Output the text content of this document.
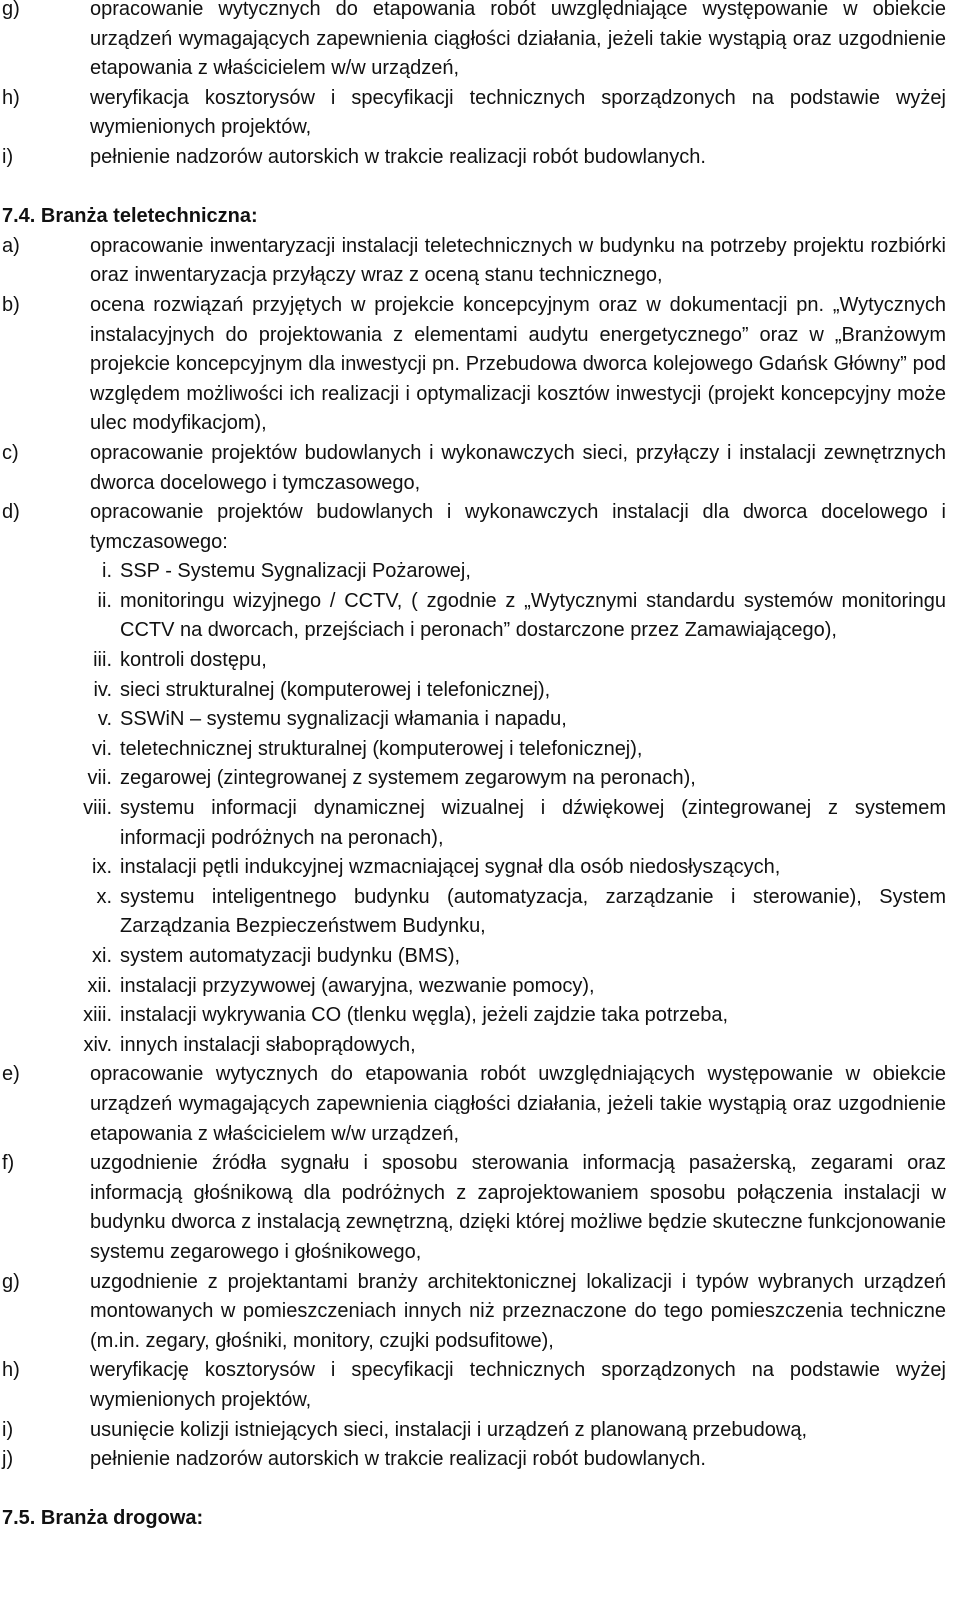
g)	opracowanie wytycznych do etapowania robót uwzględniające występowanie w obiekcie urządzeń wymagających zapewnienia ciągłości działania, jeżeli takie wystąpią oraz uzgodnienie etapowania z właścicielem w/w urządzeń,
h)	weryfikacja kosztorysów i specyfikacji technicznych sporządzonych na podstawie wyżej wymienionych projektów,
i)	pełnienie nadzorów autorskich w trakcie realizacji robót budowlanych.
7.4. Branża teletechniczna:
a)	opracowanie inwentaryzacji instalacji teletechnicznych w budynku na potrzeby projektu rozbiórki oraz inwentaryzacja przyłączy wraz z oceną stanu technicznego,
b)	ocena rozwiązań przyjętych w projekcie koncepcyjnym oraz w dokumentacji pn. „Wytycznych instalacyjnych do projektowania z elementami audytu energetycznego” oraz w „Branżowym projekcie koncepcyjnym dla inwestycji pn. Przebudowa dworca kolejowego Gdańsk Główny” pod względem możliwości ich realizacji i optymalizacji kosztów inwestycji (projekt koncepcyjny może ulec modyfikacjom),
c)	opracowanie projektów budowlanych i wykonawczych sieci, przyłączy i instalacji zewnętrznych dworca docelowego i tymczasowego,
d)	opracowanie projektów budowlanych i wykonawczych instalacji dla dworca docelowego i tymczasowego:
i. SSP - Systemu Sygnalizacji Pożarowej,
ii. monitoringu wizyjnego / CCTV, ( zgodnie z „Wytycznymi standardu systemów monitoringu CCTV na dworcach, przejściach i peronach” dostarczone przez Zamawiającego),
iii. kontroli dostępu,
iv. sieci strukturalnej (komputerowej i telefonicznej),
v. SSWiN – systemu sygnalizacji włamania i napadu,
vi. teletechnicznej strukturalnej (komputerowej i telefonicznej),
vii. zegarowej (zintegrowanej z systemem zegarowym na peronach),
viii. systemu informacji dynamicznej wizualnej i dźwiękowej (zintegrowanej z systemem informacji podróżnych na peronach),
ix. instalacji pętli indukcyjnej wzmacniającej sygnał dla osób niedosłyszących,
x. systemu inteligentnego budynku (automatyzacja, zarządzanie i sterowanie), System Zarządzania Bezpieczeństwem Budynku,
xi. system automatyzacji budynku (BMS),
xii. instalacji przyzywowej (awaryjna, wezwanie pomocy),
xiii. instalacji wykrywania CO (tlenku węgla), jeżeli zajdzie taka potrzeba,
xiv. innych instalacji słaboprądowych,
e)	opracowanie wytycznych do etapowania robót uwzględniających występowanie w obiekcie urządzeń wymagających zapewnienia ciągłości działania, jeżeli takie wystąpią oraz uzgodnienie etapowania z właścicielem w/w urządzeń,
f)	uzgodnienie źródła sygnału i sposobu sterowania informacją pasażerską, zegarami oraz informacją głośnikową dla podróżnych z zaprojektowaniem sposobu połączenia instalacji w budynku dworca z instalacją zewnętrzną, dzięki której możliwe będzie skuteczne funkcjonowanie systemu zegarowego i głośnikowego,
g)	uzgodnienie z projektantami branży architektonicznej lokalizacji i typów wybranych urządzeń montowanych w pomieszczeniach innych niż przeznaczone do tego pomieszczenia techniczne (m.in. zegary, głośniki, monitory, czujki podsufitowe),
h)	weryfikację kosztorysów i specyfikacji technicznych sporządzonych na podstawie wyżej wymienionych projektów,
i)	usunięcie kolizji istniejących sieci, instalacji i urządzeń z planowaną przebudową,
j)	pełnienie nadzorów autorskich w trakcie realizacji robót budowlanych.
7.5. Branża drogowa:
